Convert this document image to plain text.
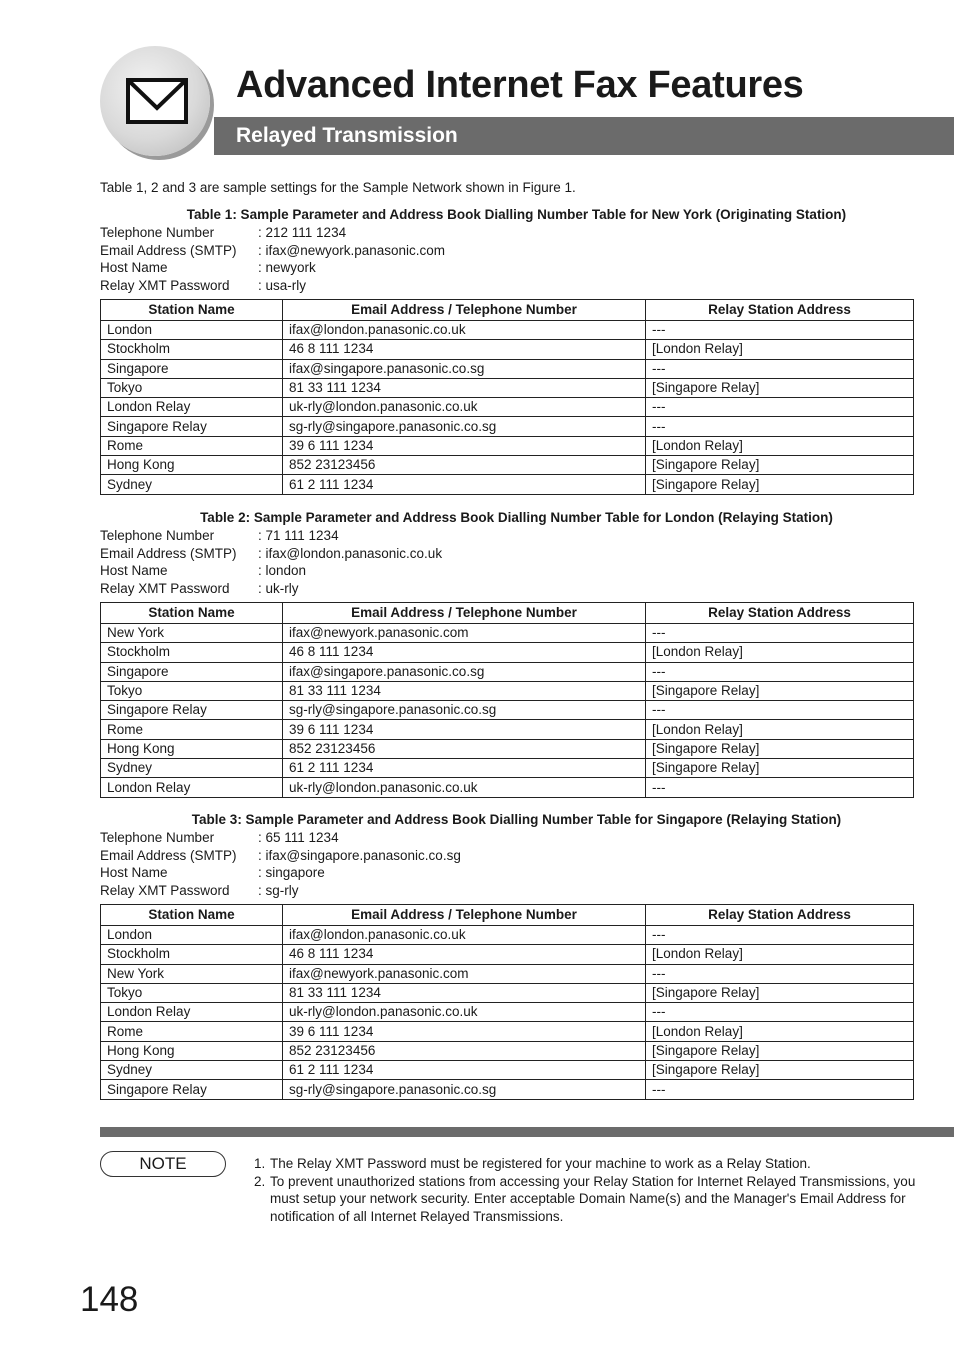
Advanced Internet Fax Features
Relayed Transmission
Table 1, 2 and 3 are sample settings for the Sample Network shown in Figure 1.
Table 1: Sample Parameter and Address Book Dialling Number Table for New York (Originating Station)
Telephone Number	: 212 111 1234
Email Address (SMTP) : ifax@newyork.panasonic.com
Host Name	: newyork
Relay XMT Password : usa-rly
Station Name	Email Address / Telephone Number	Relay Station Address
London	ifax@london.panasonic.co.uk	---
Stockholm	46 8 111 1234	[London Relay]
Singapore	ifax@singapore.panasonic.co.sg	---
Tokyo	81 33 111 1234	[Singapore Relay]
London Relay	uk-rly@london.panasonic.co.uk	---
Singapore Relay	sg-rly@singapore.panasonic.co.sg	---
Rome	39 6 111 1234	[London Relay]
Hong Kong	852 23123456	[Singapore Relay]
Sydney	61 2 111 1234	[Singapore Relay]
Table 2: Sample Parameter and Address Book Dialling Number Table for London (Relaying Station)
Telephone Number	: 71 111 1234
Email Address (SMTP) : ifax@london.panasonic.co.uk
Host Name	: london
Relay XMT Password : uk-rly
Station Name	Email Address / Telephone Number	Relay Station Address
New York	ifax@newyork.panasonic.com	---
Stockholm	46 8 111 1234	[London Relay]
Singapore	ifax@singapore.panasonic.co.sg	---
Tokyo	81 33 111 1234	[Singapore Relay]
Singapore Relay	sg-rly@singapore.panasonic.co.sg	---
Rome	39 6 111 1234	[London Relay]
Hong Kong	852 23123456	[Singapore Relay]
Sydney	61 2 111 1234	[Singapore Relay]
London Relay	uk-rly@london.panasonic.co.uk	---
Table 3: Sample Parameter and Address Book Dialling Number Table for Singapore (Relaying Station)
Telephone Number	: 65 111 1234
Email Address (SMTP) : ifax@singapore.panasonic.co.sg
Host Name	: singapore
Relay XMT Password : sg-rly
Station Name	Email Address / Telephone Number	Relay Station Address
London	ifax@london.panasonic.co.uk	---
Stockholm	46 8 111 1234	[London Relay]
New York	ifax@newyork.panasonic.com	---
Tokyo	81 33 111 1234	[Singapore Relay]
London Relay	uk-rly@london.panasonic.co.uk	---
Rome	39 6 111 1234	[London Relay]
Hong Kong	852 23123456	[Singapore Relay]
Sydney	61 2 111 1234	[Singapore Relay]
Singapore Relay	sg-rly@singapore.panasonic.co.sg	---
NOTE	1. The Relay XMT Password must be registered for your machine to work as a Relay Station.
2. To prevent unauthorized stations from accessing your Relay Station for Internet Relayed Transmissions, you must setup your network security. Enter acceptable Domain Name(s) and the Manager's Email Address for notification of all Internet Relayed Transmissions.
148
